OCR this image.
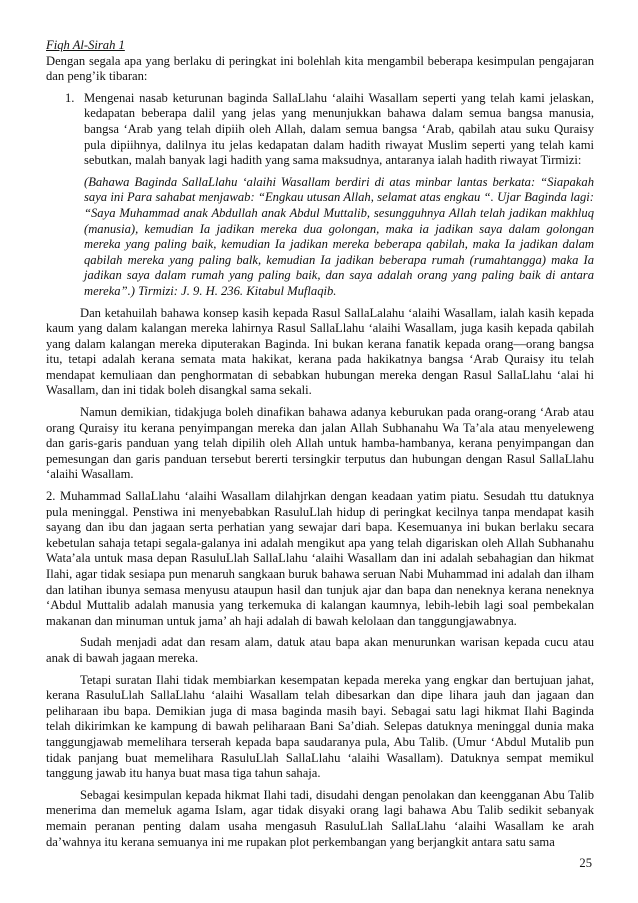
Fiqh Al-Sirah 1

Dengan segala apa yang berlaku di peringkat ini bolehlah kita mengambil beberapa kesimpulan pengajaran dan peng’ik tibaran:

1. Mengenai nasab keturunan baginda SallaLlahu ‘alaihi Wasallam seperti yang telah kami jelaskan, kedapatan beberapa dalil yang jelas yang menunjukkan bahawa dalam semua bangsa manusia, bangsa ‘Arab yang telah dipiih oleh Allah, dalam semua bangsa ‘Arab, qabilah atau suku Quraisy pula dipiihnya, dalilnya itu jelas kedapatan dalam hadith riwayat Muslim seperti yang telah kami sebutkan, malah banyak lagi hadith yang sama maksudnya, antaranya ialah hadith riwayat Tirmizi:

(Bahawa Baginda SallaLlahu ‘alaihi Wasallam berdiri di atas minbar lantas berkata: “Siapakah saya ini Para sahabat menjawab: “Engkau utusan Allah, selamat atas engkau “. Ujar Baginda lagi: “Saya Muhammad anak Abdullah anak Abdul Muttalib, sesungguhnya Allah telah jadikan makhluq (manusia), kemudian Ia jadikan mereka dua golongan, maka ia jadikan saya dalam golongan mereka yang paling baik, kemudian Ia jadikan mereka beberapa qabilah, maka Ia jadikan dalam qabilah mereka yang paling balk, kemudian Ia jadikan beberapa rumah (rumahtangga) maka Ia jadikan saya dalam rumah yang paling baik, dan saya adalah orang yang paling baik di antara mereka”.) Tirmizi: J. 9. H. 236. Kitabul Muflaqib.

Dan ketahuilah bahawa konsep kasih kepada Rasul SallaLalahu ‘alaihi Wasallam, ialah kasih kepada kaum yang dalam kalangan mereka lahirnya Rasul SallaLlahu ‘alaihi Wasallam, juga kasih kepada qabilah yang dalam kalangan mereka diputerakan Baginda. Ini bukan kerana fanatik kepada orang—orang bangsa itu, tetapi adalah kerana semata mata hakikat, kerana pada hakikatnya bangsa ‘Arab Quraisy itu telah mendapat kemuliaan dan penghormatan di sebabkan hubungan mereka dengan Rasul SallaLlahu ‘alai hi Wasallam, dan ini tidak boleh disangkal sama sekali.

Namun demikian, tidakjuga boleh dinafikan bahawa adanya keburukan pada orang-orang ‘Arab atau orang Quraisy itu kerana penyimpangan mereka dan jalan Allah Subhanahu Wa Ta’ala atau menyeleweng dan garis-garis panduan yang telah dipilih oleh Allah untuk hamba-hambanya, kerana penyimpangan dan pemesungan dan garis panduan tersebut bererti tersingkir terputus dan hubungan dengan Rasul SallaLlahu ‘alaihi Wasallam.

2. Muhammad SallaLlahu ‘alaihi Wasallam dilahjrkan dengan keadaan yatim piatu. Sesudah ttu datuknya pula meninggal. Penstiwa ini menyebabkan RasuluLlah hidup di peringkat kecilnya tanpa mendapat kasih sayang dan ibu dan jagaan serta perhatian yang sewajar dari bapa. Kesemuanya ini bukan berlaku secara kebetulan sahaja tetapi segala-galanya ini adalah mengikut apa yang telah digariskan oleh Allah Subhanahu Wata’ala untuk masa depan RasuluLlah SallaLlahu ‘alaihi Wasallam dan ini adalah sebahagian dan hikmat Ilahi, agar tidak sesiapa pun menaruh sangkaan buruk bahawa seruan Nabi Muhammad ini adalah dan ilham dan latihan ibunya semasa menyusu ataupun hasil dan tunjuk ajar dan bapa dan neneknya kerana neneknya ‘Abdul Muttalib adalah manusia yang terkemuka di kalangan kaumnya, lebih-lebih lagi soal pembekalan makanan dan minuman untuk jama’ ah haji adalah di bawah kelolaan dan tanggungjawabnya.

Sudah menjadi adat dan resam alam, datuk atau bapa akan menurunkan warisan kepada cucu atau anak di bawah jagaan mereka.

Tetapi suratan Ilahi tidak membiarkan kesempatan kepada mereka yang engkar dan bertujuan jahat, kerana RasuluLlah SallaLlahu ‘alaihi Wasallam telah dibesarkan dan dipe lihara jauh dan jagaan dan peliharaan ibu bapa. Demikian juga di masa baginda masih bayi. Sebagai satu lagi hikmat Ilahi Baginda telah dikirimkan ke kampung di bawah peliharaan Bani Sa’diah. Selepas datuknya meninggal dunia maka tanggungjawab memelihara terserah kepada bapa saudaranya pula, Abu Talib. (Umur ‘Abdul Mutalib pun tidak panjang buat memelihara RasuluLlah SallaLlahu ‘alaihi Wasallam). Datuknya sempat memikul tanggung jawab itu hanya buat masa tiga tahun sahaja.

Sebagai kesimpulan kepada hikmat Ilahi tadi, disudahi dengan penolakan dan keengganan Abu Talib menerima dan memeluk agama Islam, agar tidak disyaki orang lagi bahawa Abu Talib sedikit sebanyak memain peranan penting dalam usaha mengasuh RasuluLlah SallaLlahu ‘alaihi Wasallam ke arah da’wahnya itu kerana semuanya ini me rupakan plot perkembangan yang berjangkit antara satu sama

25
